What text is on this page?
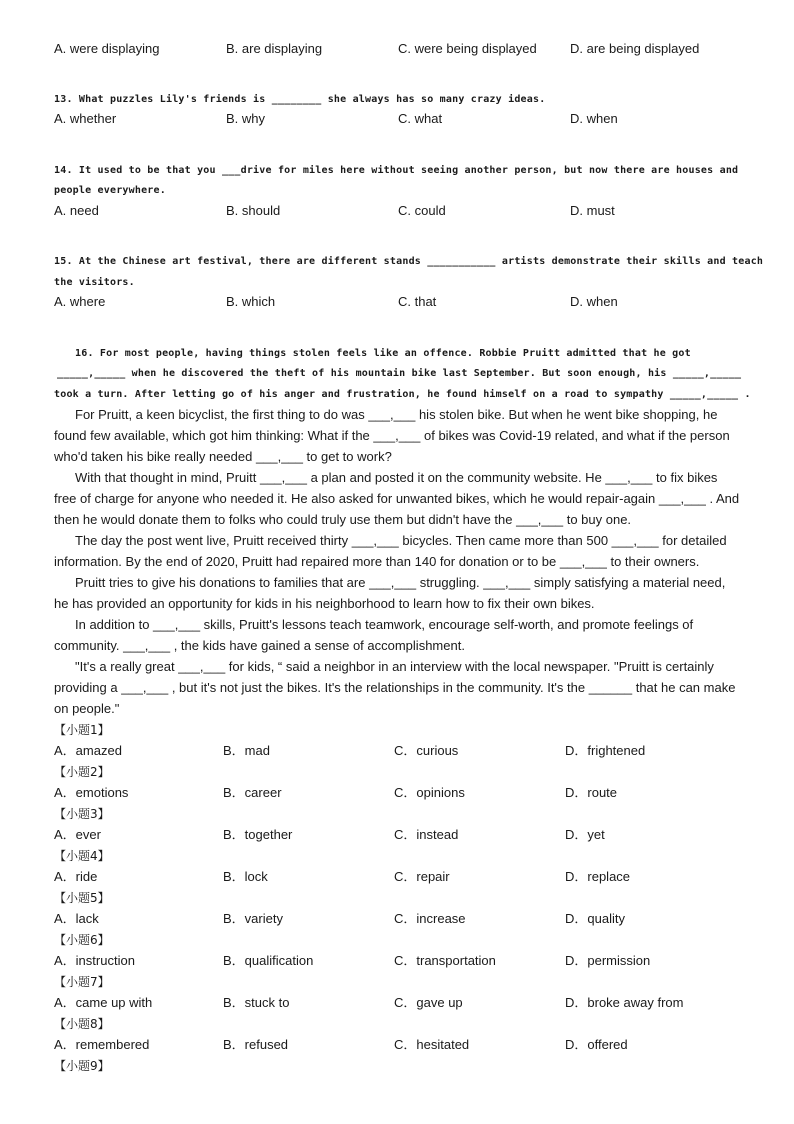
A. were displaying	B. are displaying	C. were being displayed	D. are being displayed
13. What puzzles Lily's friends is ________ she always has so many crazy ideas.
A. whether	B. why	C. what	D. when
14. It used to be that you ___drive for miles here without seeing another person, but now there are houses and
people everywhere.
A. need	B. should	C. could	D. must
15. At the Chinese art festival, there are different stands ___________ artists demonstrate their skills and teach
the visitors.
A. where	B. which	C. that	D. when
16. For most people, having things stolen feels like an offence. Robbie Pruitt admitted that he got
_____,_____ when he discovered the theft of his mountain bike last September. But soon enough, his _____,_____
took a turn. After letting go of his anger and frustration, he found himself on a road to sympathy _____,_____ .
For Pruitt, a keen bicyclist, the first thing to do was ___,___ his stolen bike. But when he went bike shopping, he
found few available, which got him thinking: What if the ___,___ of bikes was Covid-19 related, and what if the person
who'd taken his bike really needed ___,___ to get to work?
With that thought in mind, Pruitt ___,___ a plan and posted it on the community website. He ___,___ to fix bikes
free of charge for anyone who needed it. He also asked for unwanted bikes, which he would repair-again ___,___ . And
then he would donate them to folks who could truly use them but didn't have the ___,___ to buy one.
The day the post went live, Pruitt received thirty ___,___ bicycles. Then came more than 500 ___,___ for detailed
information. By the end of 2020, Pruitt had repaired more than 140 for donation or to be ___,___ to their owners.
Pruitt tries to give his donations to families that are ___,___ struggling. ___,___ simply satisfying a material need,
he has provided an opportunity for kids in his neighborhood to learn how to fix their own bikes.
In addition to ___,___ skills, Pruitt's lessons teach teamwork, encourage self-worth, and promote feelings of
community. ___,___ , the kids have gained a sense of accomplishment.
"It's a really great ___,___ for kids, “ said a neighbor in an interview with the local newspaper. "Pruitt is certainly
providing a ___,___ , but it's not just the bikes. It's the relationships in the community. It's the ______ that he can make
on people."
【小题1】
A．amazed	B．mad	C．curious	D．frightened
【小题2】
A．emotions	B．career	C．opinions	D．route
【小题3】
A．ever	B．together	C．instead	D．yet
【小题4】
A．ride	B．lock	C．repair	D．replace
【小题5】
A．lack	B．variety	C．increase	D．quality
【小题6】
A．instruction	B．qualification	C．transportation	D．permission
【小题7】
A．came up with	B．stuck to	C．gave up	D．broke away from
【小题8】
A．remembered	B．refused	C．hesitated	D．offered
【小题9】
